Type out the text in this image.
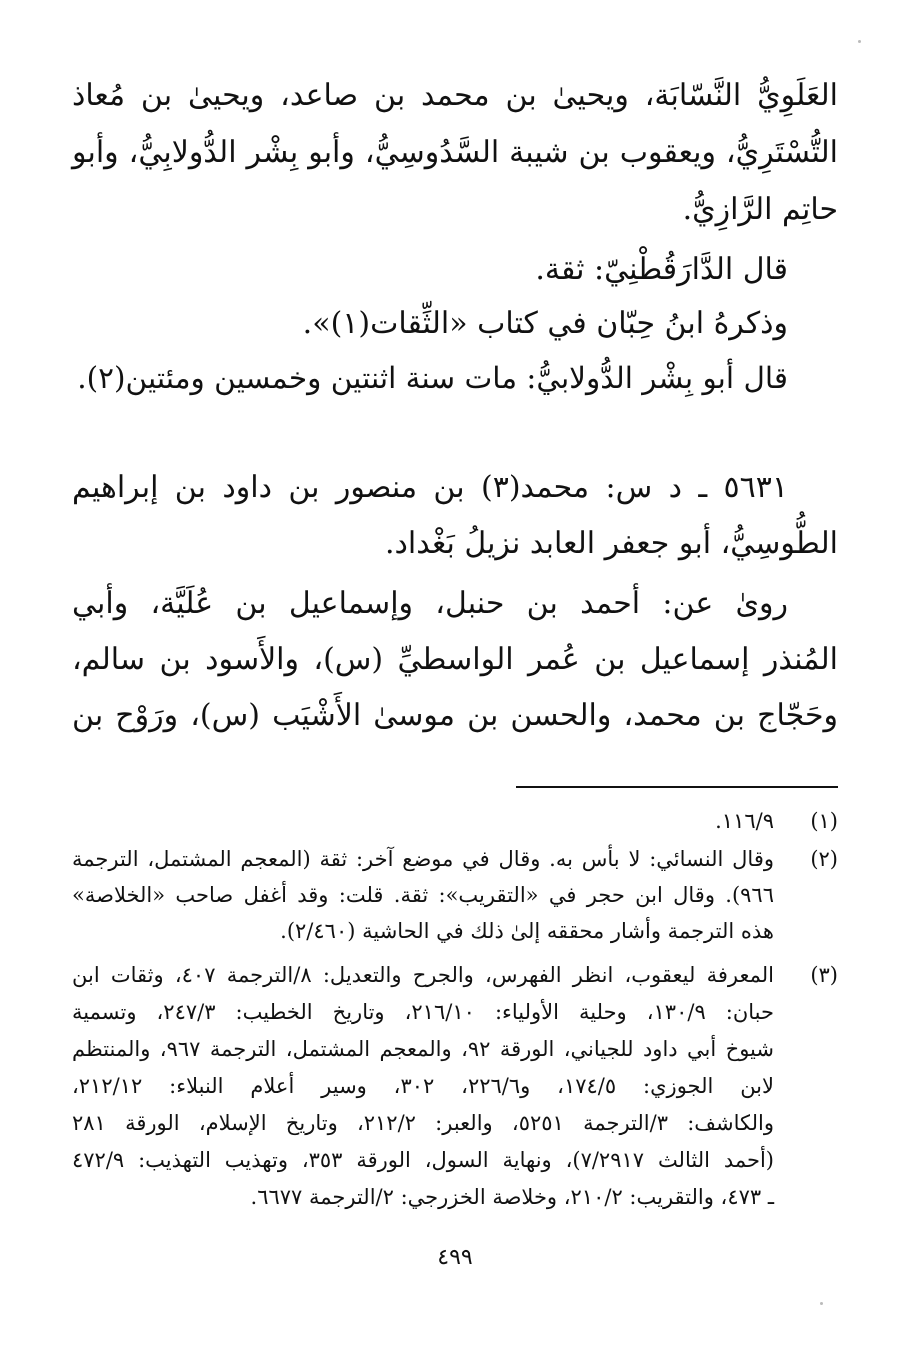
العَلَوِيُّ النَّسّابَة، ويحيىٰ بن محمد بن صاعد، ويحيىٰ بن مُعاذ
التُّسْتَرِيُّ، ويعقوب بن شيبة السَّدُوسِيُّ، وأبو بِشْر الدُّولابِيُّ، وأبو
حاتِم الرَّازِيُّ.
قال الدَّارَقُطْنِيّ: ثقة.
وذكرهُ ابنُ حِبّان في كتاب «الثِّقات(١)».
قال أبو بِشْر الدُّولابيُّ: مات سنة اثنتين وخمسين ومئتين(٢).
٥٦٣١ ـ د س: محمد(٣) بن منصور بن داود بن إبراهيم
الطُّوسِيُّ، أبو جعفر العابد نزيلُ بَغْداد.
روىٰ عن: أحمد بن حنبل، وإسماعيل بن عُلَيَّة، وأبي
المُنذر إسماعيل بن عُمر الواسطيِّ (س)، والأَسود بن سالم،
وحَجّاج بن محمد، والحسن بن موسىٰ الأَشْيَب (س)، ورَوْح بن
(١)
١١٦/٩.
(٢)
وقال النسائي: لا بأس به. وقال في موضع آخر: ثقة (المعجم المشتمل، الترجمة
٩٦٦). وقال ابن حجر في «التقريب»: ثقة. قلت: وقد أغفل صاحب «الخلاصة»
هذه الترجمة وأشار محققه إلىٰ ذلك في الحاشية (٢/٤٦٠).
(٣)
المعرفة ليعقوب، انظر الفهرس، والجرح والتعديل: ٨/الترجمة ٤٠٧، وثقات ابن
حبان: ١٣٠/٩، وحلية الأولياء: ٢١٦/١٠، وتاريخ الخطيب: ٢٤٧/٣، وتسمية
شيوخ أبي داود للجياني، الورقة ٩٢، والمعجم المشتمل، الترجمة ٩٦٧، والمنتظم
لابن الجوزي: ١٧٤/٥، و٢٢٦/٦، ٣٠٢، وسير أعلام النبلاء: ٢١٢/١٢،
والكاشف: ٣/الترجمة ٥٢٥١، والعبر: ٢١٢/٢، وتاريخ الإسلام، الورقة ٢٨١
(أحمد الثالث ٧/٢٩١٧)، ونهاية السول، الورقة ٣٥٣، وتهذيب التهذيب: ٤٧٢/٩
ـ ٤٧٣، والتقريب: ٢١٠/٢، وخلاصة الخزرجي: ٢/الترجمة ٦٦٧٧.
٤٩٩
